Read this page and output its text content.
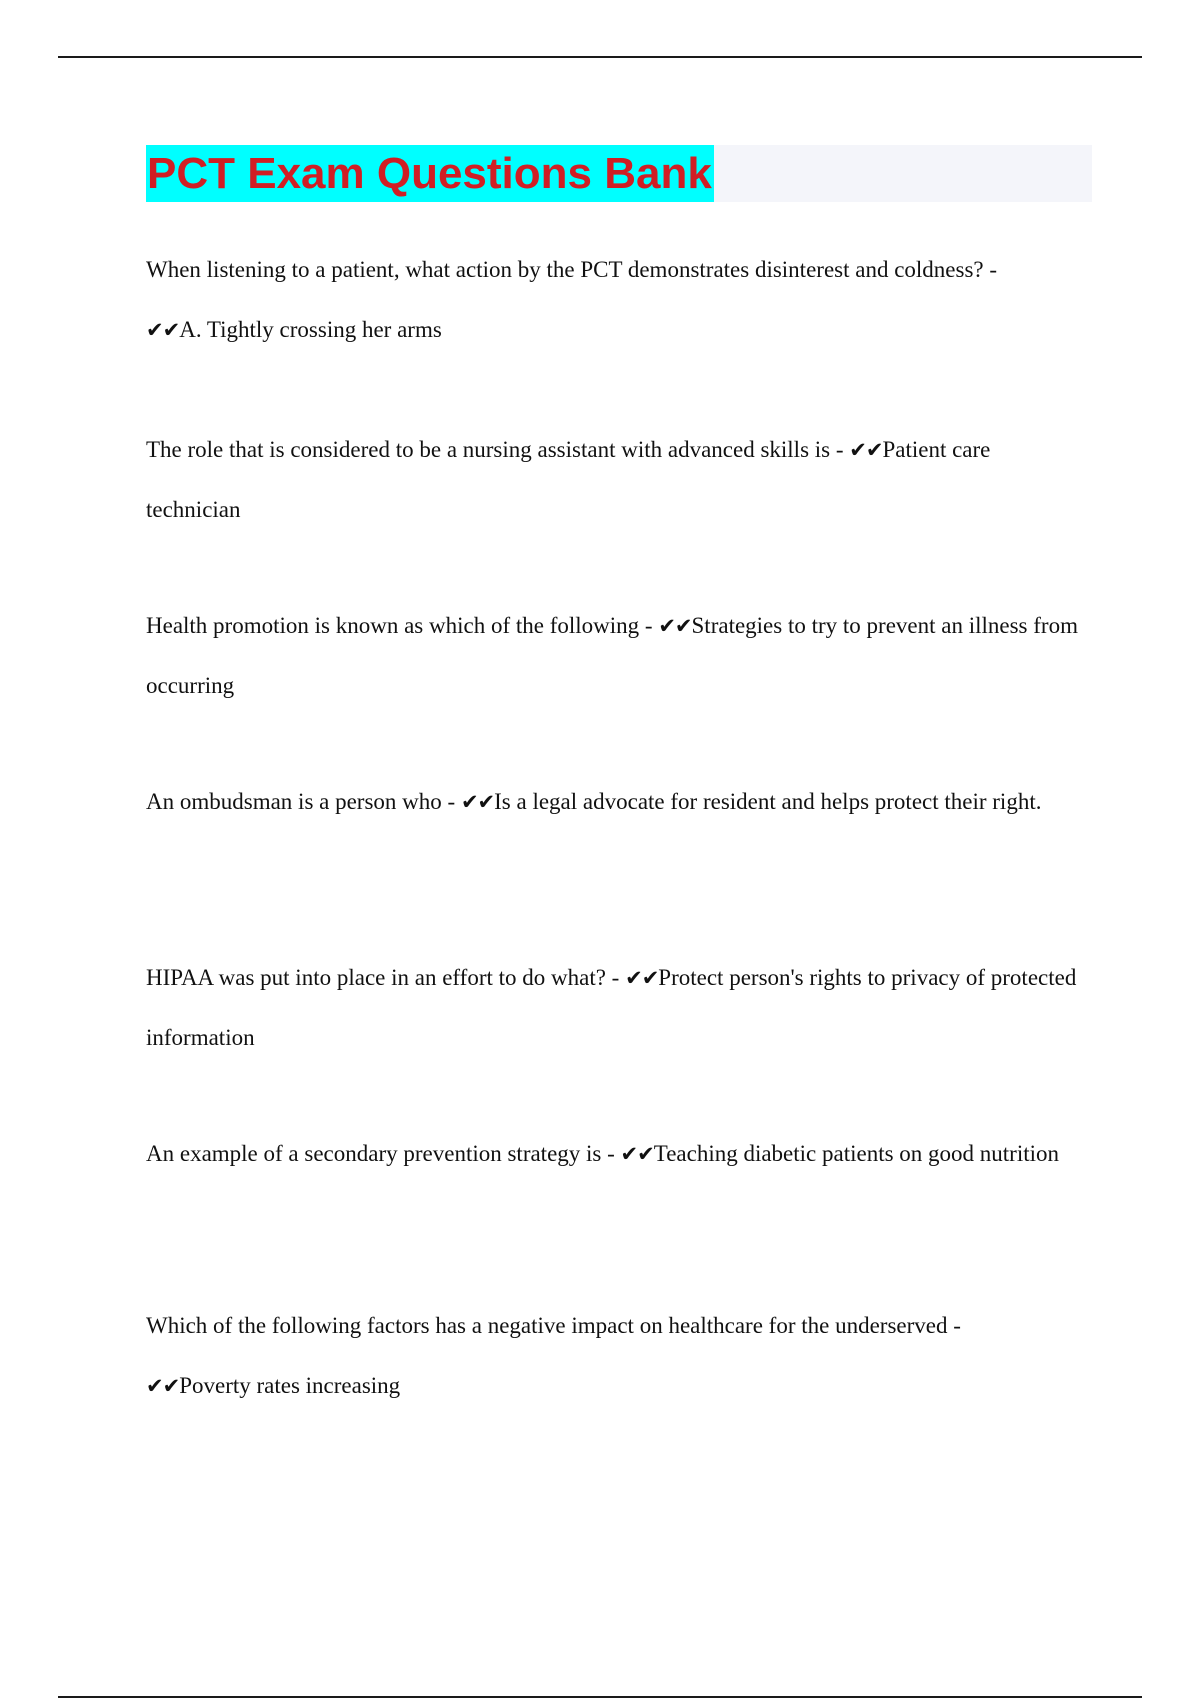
PCT Exam Questions Bank

When listening to a patient, what action by the PCT demonstrates disinterest and coldness? -
✔✔A. Tightly crossing her arms

The role that is considered to be a nursing assistant with advanced skills is - ✔✔Patient care technician

Health promotion is known as which of the following - ✔✔Strategies to try to prevent an illness from occurring

An ombudsman is a person who - ✔✔Is a legal advocate for resident and helps protect their right.

HIPAA was put into place in an effort to do what? - ✔✔Protect person's rights to privacy of protected information

An example of a secondary prevention strategy is - ✔✔Teaching diabetic patients on good nutrition

Which of the following factors has a negative impact on healthcare for the underserved -
✔✔Poverty rates increasing
